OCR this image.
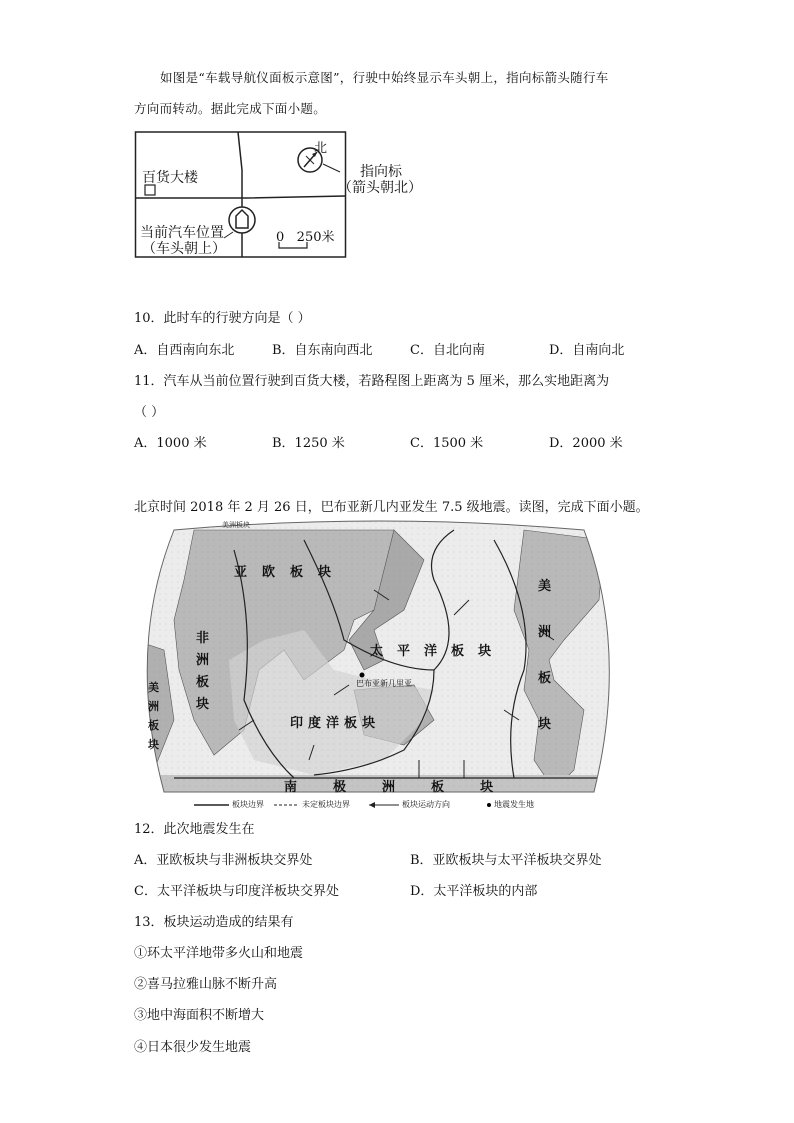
如图是“车载导航仪面板示意图”，行驶中始终显示车头朝上，指向标箭头随行车
方向而转动。据此完成下面小题。
北
百货大楼	指向标
（箭头朝北）
当前汽车位置
（车头朝上）
0   250米
10．此时车的行驶方向是（ ）
A．自西南向东北	B．自东南向西北	C．自北向南	D．自南向北
11．汽车从当前位置行驶到百货大楼，若路程图上距离为 5 厘米，那么实地距离为
（ ）
A．1000 米	B．1250 米	C．1500 米	D．2000 米
北京时间 2018 年 2 月 26 日，巴布亚新几内亚发生 7.5 级地震。读图，完成下面小题。
亚欧板块
太平洋板块
印度洋板块
南极洲板块
非
洲
板
块
美
洲
板
块
美
洲
板
块
美洲板块
巴布亚新几里亚
板块边界	未定板块边界	板块运动方向	地震发生地
12．此次地震发生在
A．亚欧板块与非洲板块交界处	B．亚欧板块与太平洋板块交界处
C．太平洋板块与印度洋板块交界处	D．太平洋板块的内部
13．板块运动造成的结果有
①环太平洋地带多火山和地震
②喜马拉雅山脉不断升高
③地中海面积不断增大
④日本很少发生地震
